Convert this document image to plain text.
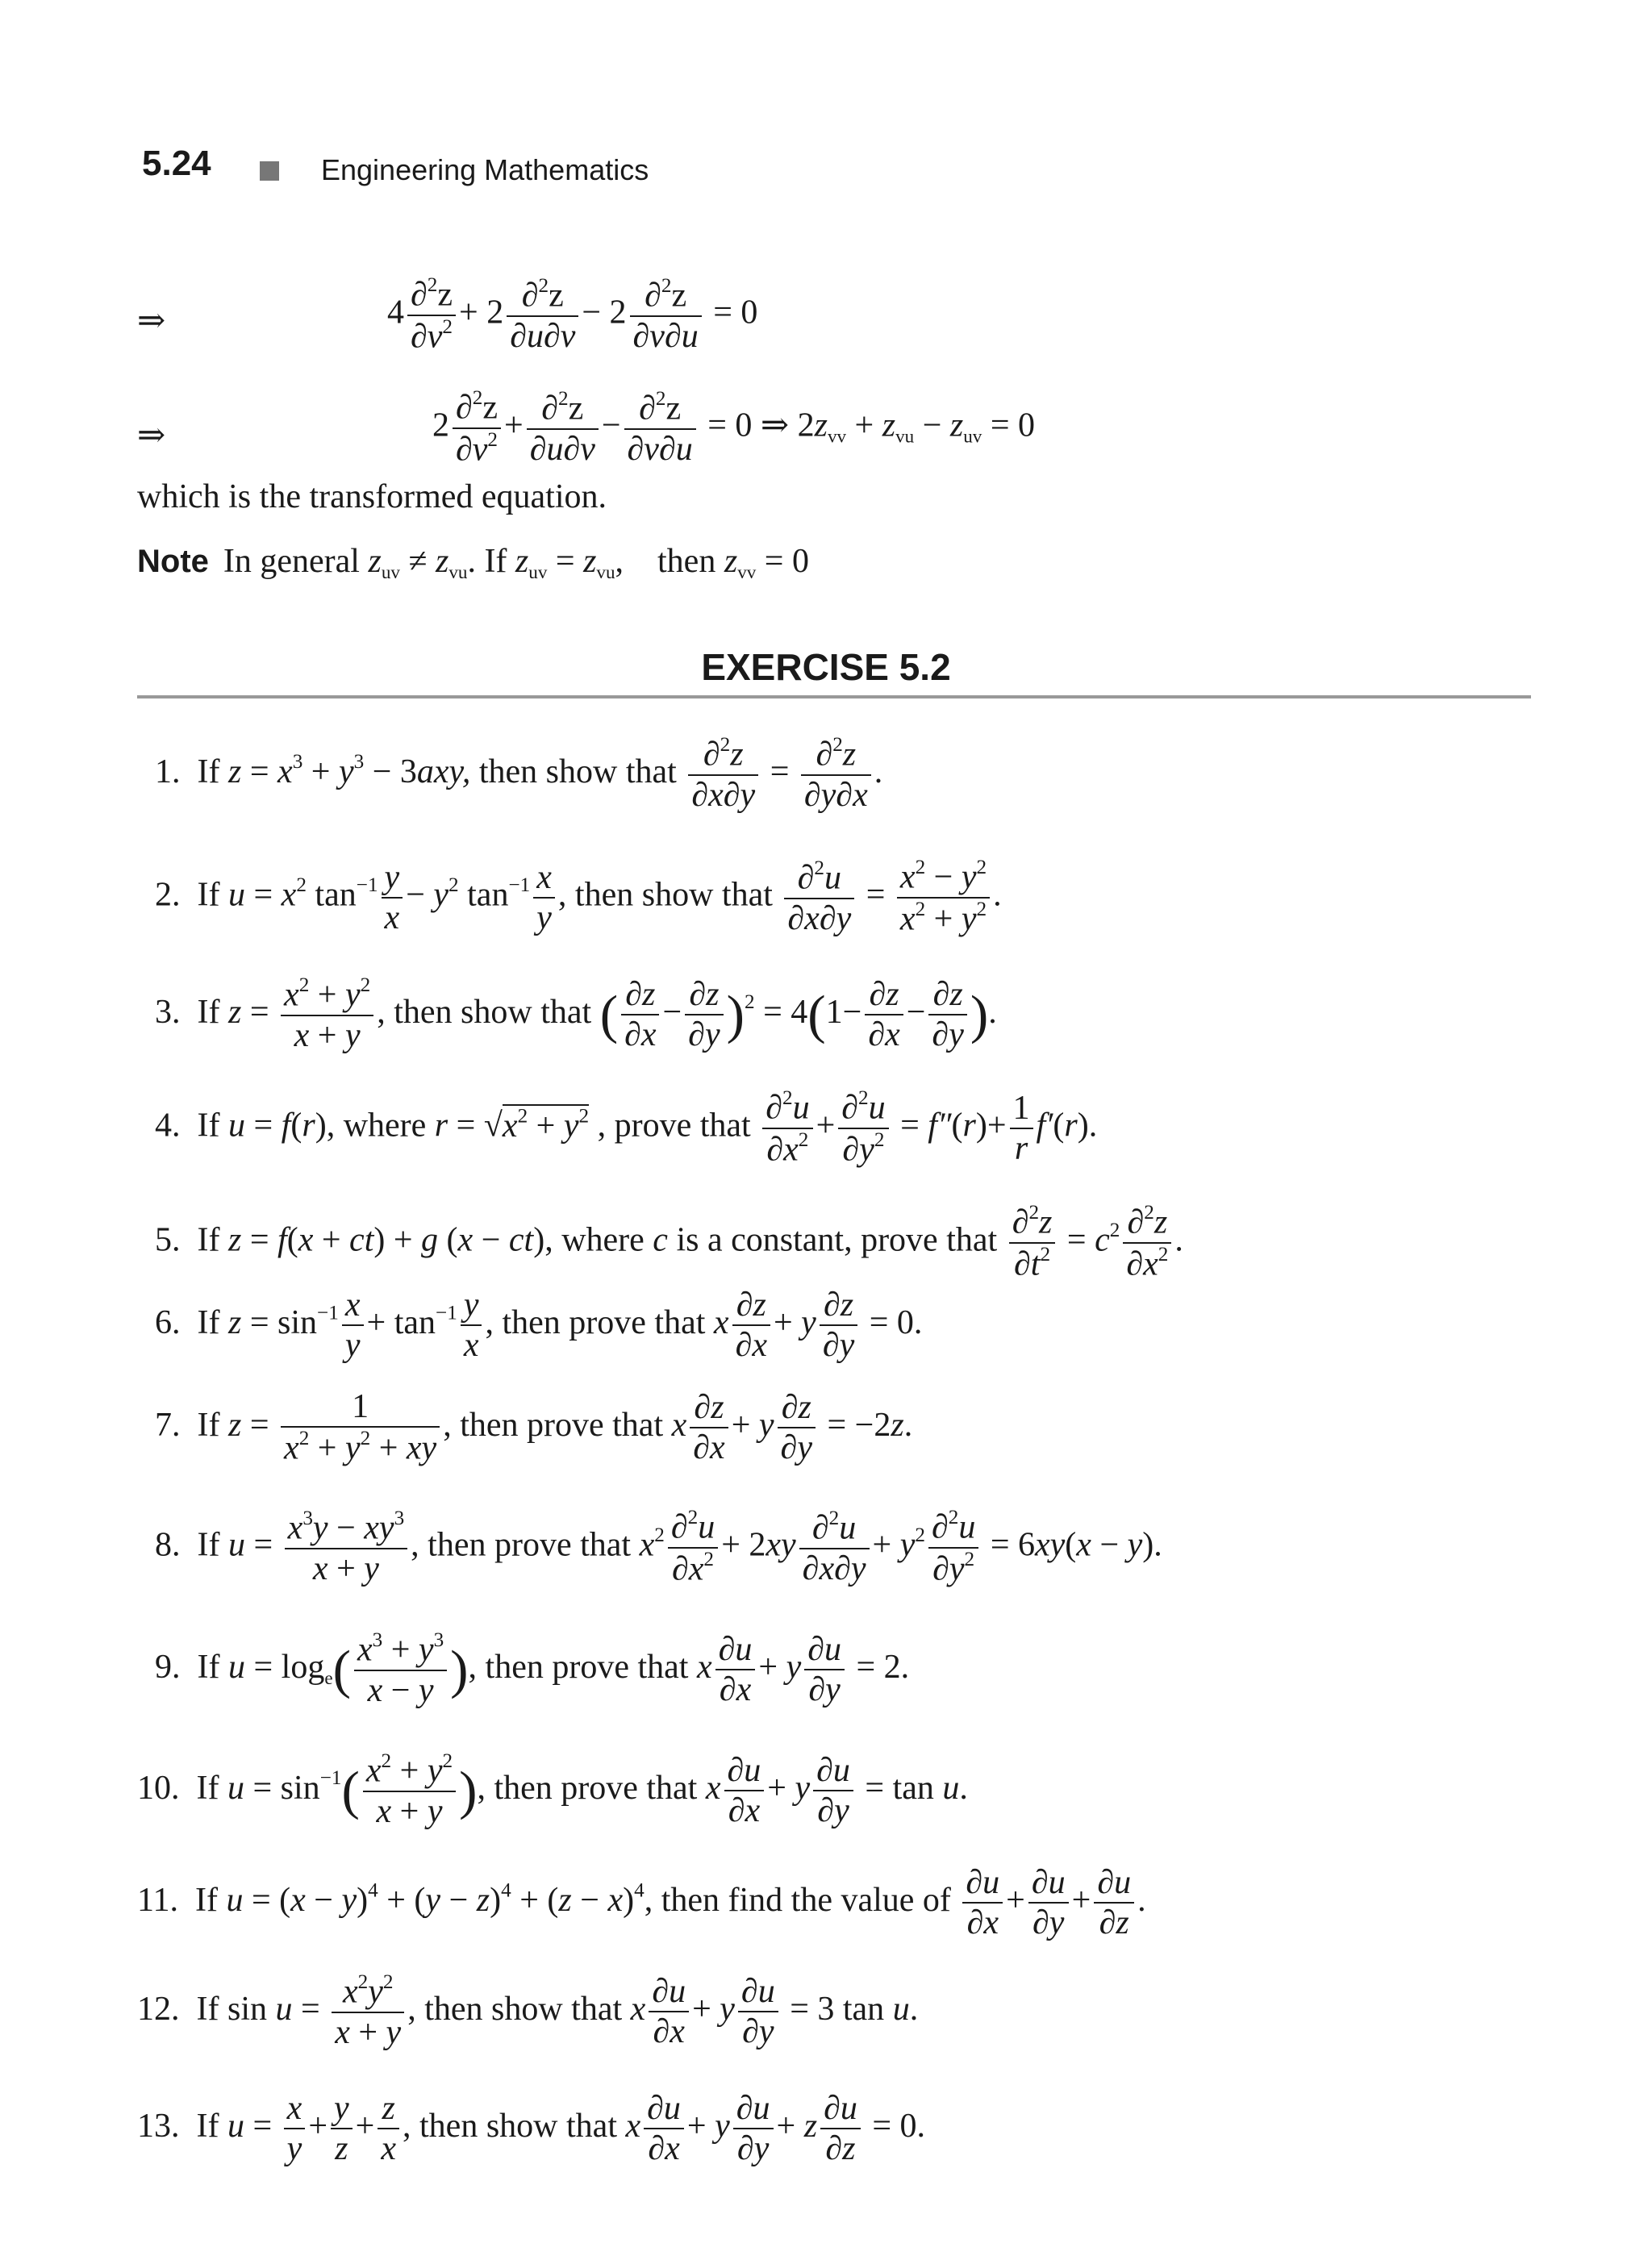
5.24	Engineering Mathematics
⇒	$4 \frac{\partial^2z}{\partial v^2} + 2 \frac{\partial^2z}{\partial u\partial v} - 2 \frac{\partial^2z}{\partial v\partial u} = 0$
⇒	$2 \frac{\partial^2z}{\partial v^2} + \frac{\partial^2z}{\partial u\partial v} - \frac{\partial^2z}{\partial v\partial u} = 0$ ⇒ $2z_{vv} + z_{vu} - z_{uv} = 0$
which is the transformed equation.
Note In general $z_{uv} \ne z_{vu}$. If $z_{uv} = z_{vu}$,    then $z_{vv} = 0$
EXERCISE 5.2
1.  If $z = x^3 + y^3 - 3axy$, then show that $\frac{\partial^2z}{\partial x\partial y} = \frac{\partial^2z}{\partial y\partial x}$ .
2.  If $u = x^2$ $\tan^{-1} \frac{y}{x} - y^2$ $\tan^{-1} \frac{x}{y}$ , then show that $\frac{\partial^2u}{\partial x\partial y} = \frac{x^2 - y^2}{x^2 + y^2}$ .
3.  If $z = \frac{x^2 + y^2}{x + y}$ , then show that ( $\frac{\partial z}{\partial x} - \frac{\partial z}{\partial y} )^2 = 4(1- \frac{\partial z}{\partial x} - \frac{\partial z}{\partial y}$ ).
4.  If u = f(r), where $r = √x^2 + y^2$ , prove that $\frac{\partial^2u}{\partial x^2} + \frac{\partial^2u}{\partial y^2} = f''(r)+ \frac{1}{r} f'(r)$.
5.  If z = f(x + ct) + g (x − ct), where c is a constant, prove that $\frac{\partial^2z}{\partial t^2} = c^2 \frac{\partial^2z}{\partial x^2}$ .
6.  If $z = \sin^{-1} \frac{x}{y} + \tan^{-1} \frac{y}{x}$ , then prove that x $\frac{\partial z}{\partial x} + y \frac{\partial z}{\partial y} = 0$.
7.  If $z = \frac{1}{x^2 + y^2 + xy}$ , then prove that x $\frac{\partial z}{\partial x} + y \frac{\partial z}{\partial y} = -2z$.
8.  If $u = \frac{x^3y - xy^3}{x + y}$ , then prove that $x^2 \frac{\partial^2u}{\partial x^2} + 2xy \frac{\partial^2u}{\partial x\partial y} + y^2 \frac{\partial^2u}{\partial y^2} = 6xy(x - y)$.
9.  If $u = \log_e( \frac{x^3 + y^3}{x - y}$ ), then prove that x $\frac{\partial u}{\partial x} + y \frac{\partial u}{\partial y} = 2$.
10.  If $u = \sin^{-1}( \frac{x^2 + y^2}{x + y}$ ), then prove that x $\frac{\partial u}{\partial x} + y \frac{\partial u}{\partial y} = \tan u$.
11.  If $u = (x - y)^4 + (y - z)^4 + (z - x)^4$, then find the value of $\frac{\partial u}{\partial x} + \frac{\partial u}{\partial y} + \frac{\partial u}{\partial z}$ .
12.  If $\sin u = \frac{x^2y^2}{x + y}$ , then show that x $\frac{\partial u}{\partial x} + y \frac{\partial u}{\partial y} = 3$ tan u.
13.  If $u = \frac{x}{y} + \frac{y}{z} + \frac{z}{x}$ , then show that x $\frac{\partial u}{\partial x} + y \frac{\partial u}{\partial y} + z \frac{\partial u}{\partial z} = 0$.
